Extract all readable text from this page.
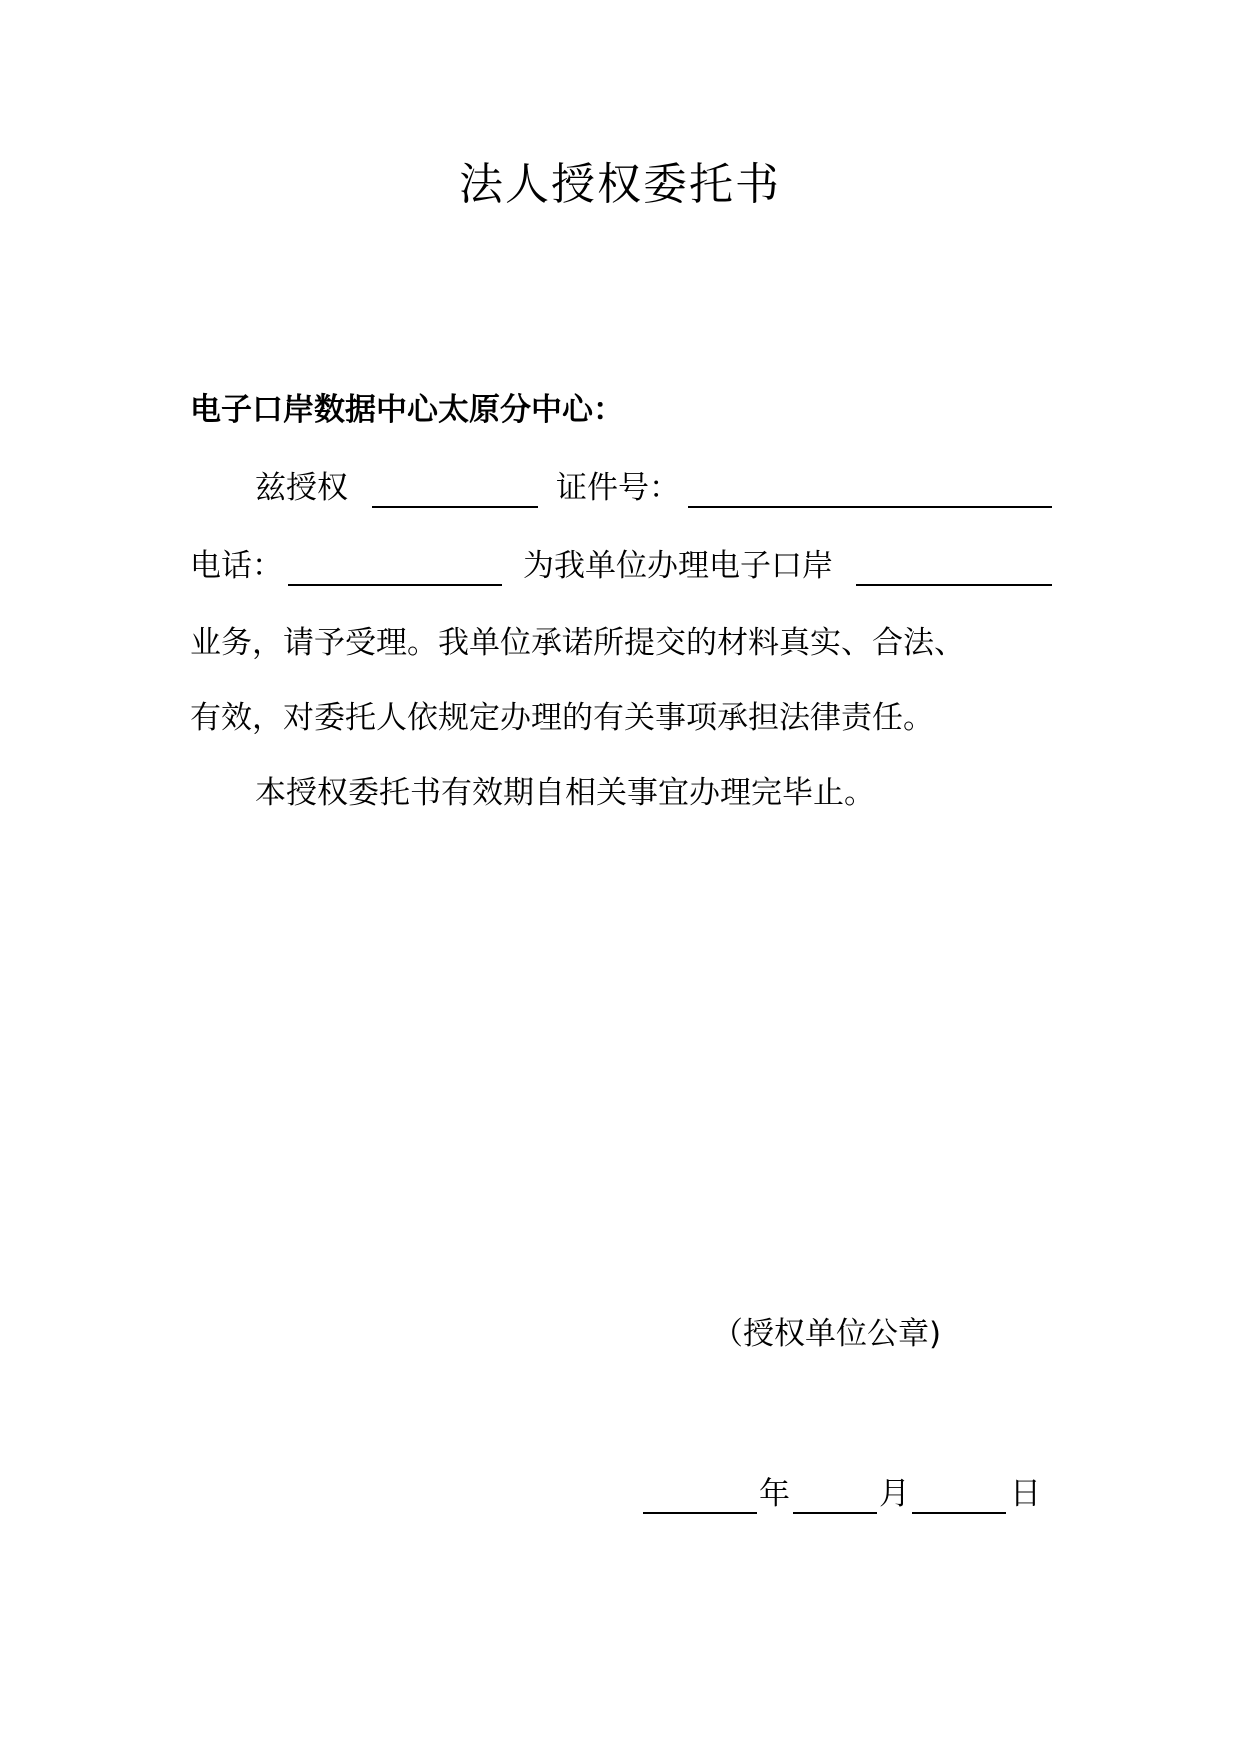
法人授权委托书
电子口岸数据中心太原分中心：
兹授权	证件号：
电话：	为我单位办理电子口岸
业务，请予受理。我单位承诺所提交的材料真实、合法、
有效，对委托人依规定办理的有关事项承担法律责任。
本授权委托书有效期自相关事宜办理完毕止。
（授权单位公章)
年	月	日
